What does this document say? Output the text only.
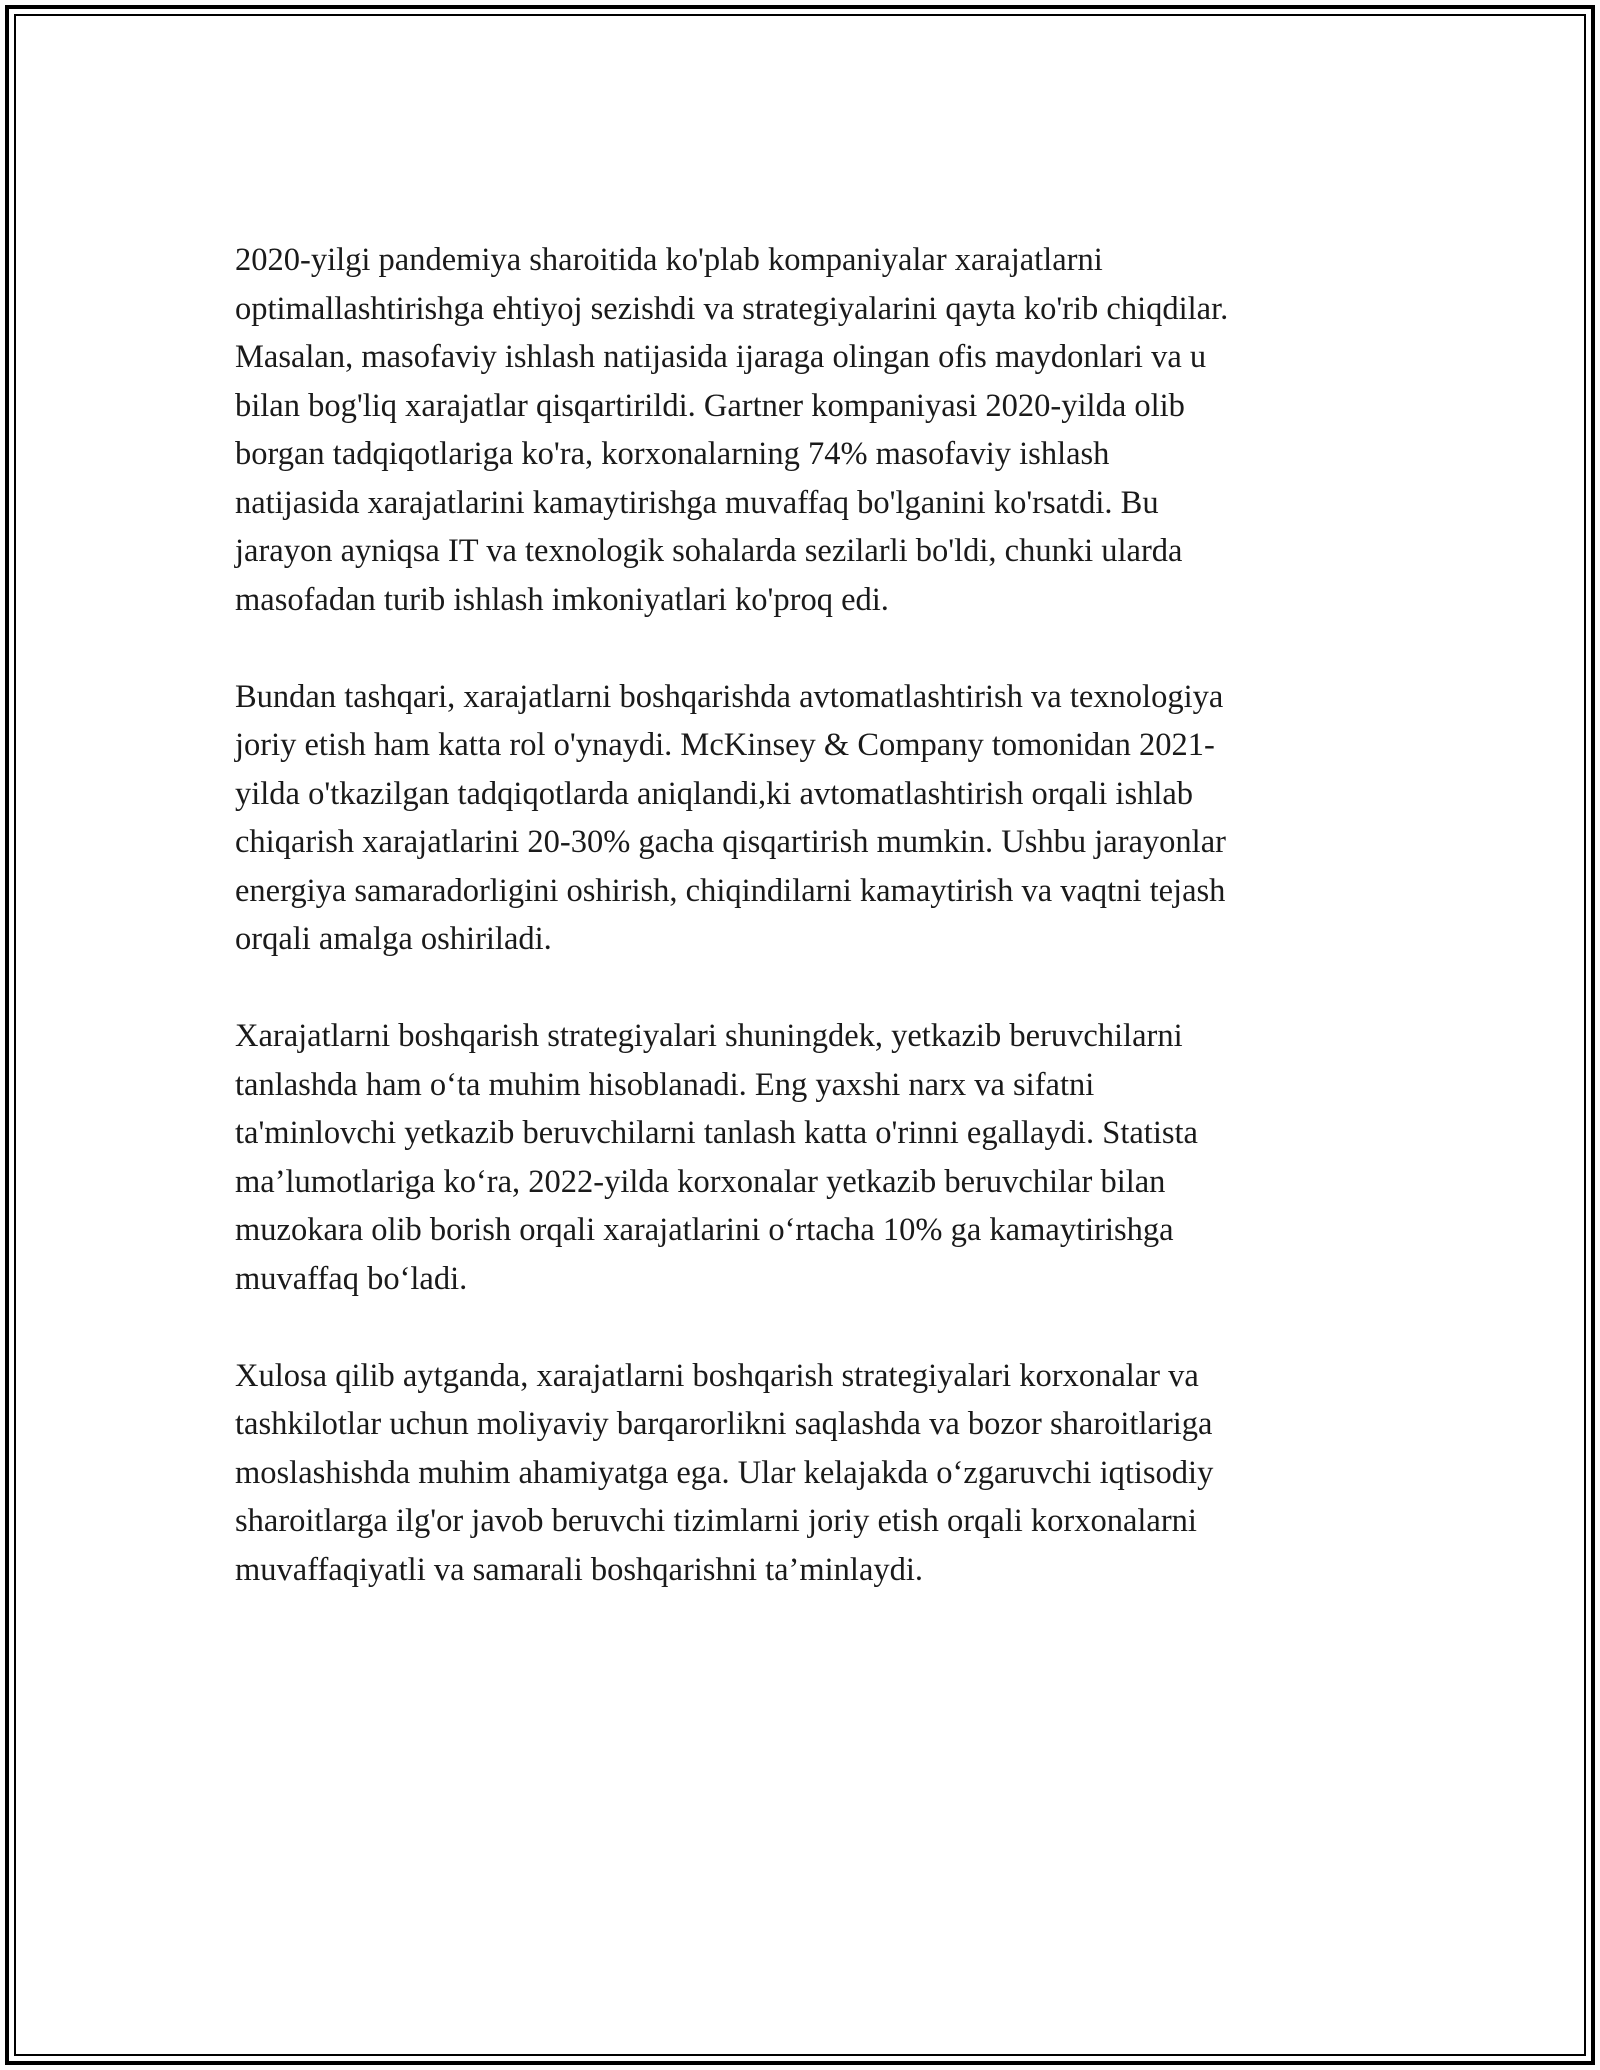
2020-yilgi pandemiya sharoitida ko'plab kompaniyalar xarajatlarni
optimallashtirishga ehtiyoj sezishdi va strategiyalarini qayta ko'rib chiqdilar.
Masalan, masofaviy ishlash natijasida ijaraga olingan ofis maydonlari va u
bilan bog'liq xarajatlar qisqartirildi. Gartner kompaniyasi 2020-yilda olib
borgan tadqiqotlariga ko'ra, korxonalarning 74% masofaviy ishlash
natijasida xarajatlarini kamaytirishga muvaffaq bo'lganini ko'rsatdi. Bu
jarayon ayniqsa IT va texnologik sohalarda sezilarli bo'ldi, chunki ularda
masofadan turib ishlash imkoniyatlari ko'proq edi.

Bundan tashqari, xarajatlarni boshqarishda avtomatlashtirish va texnologiya
joriy etish ham katta rol o'ynaydi. McKinsey & Company tomonidan 2021-
yilda o'tkazilgan tadqiqotlarda aniqlandi,ki avtomatlashtirish orqali ishlab
chiqarish xarajatlarini 20-30% gacha qisqartirish mumkin. Ushbu jarayonlar
energiya samaradorligini oshirish, chiqindilarni kamaytirish va vaqtni tejash
orqali amalga oshiriladi.

Xarajatlarni boshqarish strategiyalari shuningdek, yetkazib beruvchilarni
tanlashda ham o‘ta muhim hisoblanadi. Eng yaxshi narx va sifatni
ta'minlovchi yetkazib beruvchilarni tanlash katta o'rinni egallaydi. Statista
ma’lumotlariga ko‘ra, 2022-yilda korxonalar yetkazib beruvchilar bilan
muzokara olib borish orqali xarajatlarini o‘rtacha 10% ga kamaytirishga
muvaffaq bo‘ladi.

Xulosa qilib aytganda, xarajatlarni boshqarish strategiyalari korxonalar va
tashkilotlar uchun moliyaviy barqarorlikni saqlashda va bozor sharoitlariga
moslashishda muhim ahamiyatga ega. Ular kelajakda o‘zgaruvchi iqtisodiy
sharoitlarga ilg'or javob beruvchi tizimlarni joriy etish orqali korxonalarni
muvaffaqiyatli va samarali boshqarishni ta’minlaydi.
